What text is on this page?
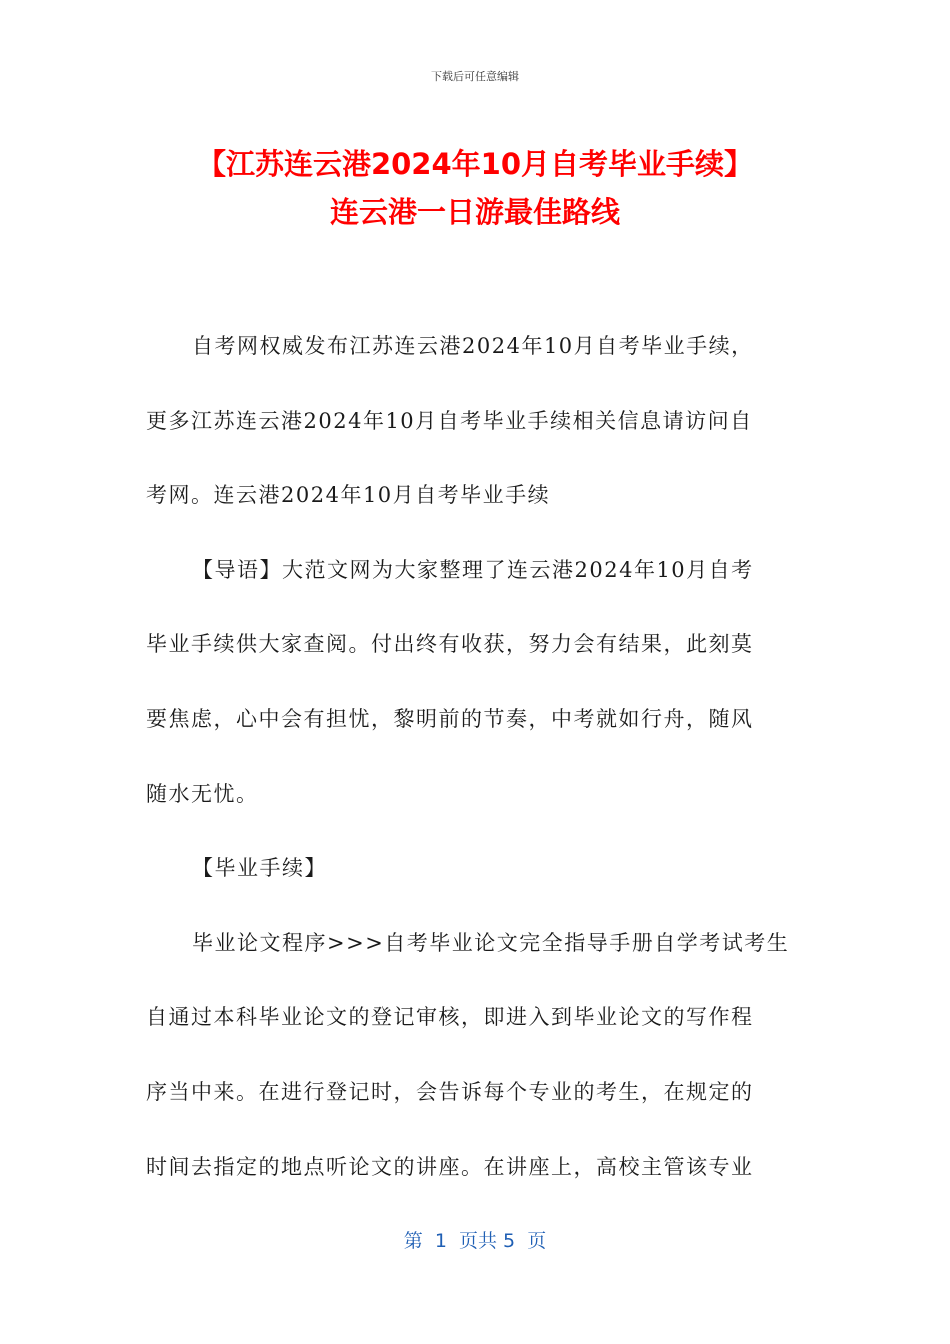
下载后可任意编辑
【江苏连云港2024年10月自考毕业手续】
连云港一日游最佳路线
自考网权威发布江苏连云港2024年10月自考毕业手续，
更多江苏连云港2024年10月自考毕业手续相关信息请访问自
考网。连云港2024年10月自考毕业手续
【导语】大范文网为大家整理了连云港2024年10月自考
毕业手续供大家查阅。付出终有收获，努力会有结果，此刻莫
要焦虑，心中会有担忧，黎明前的节奏，中考就如行舟，随风
随水无忧。
【毕业手续】
毕业论文程序>>>自考毕业论文完全指导手册自学考试考生
自通过本科毕业论文的登记审核，即进入到毕业论文的写作程
序当中来。在进行登记时，会告诉每个专业的考生，在规定的
时间去指定的地点听论文的讲座。在讲座上，高校主管该专业
第  1  页共 5  页
